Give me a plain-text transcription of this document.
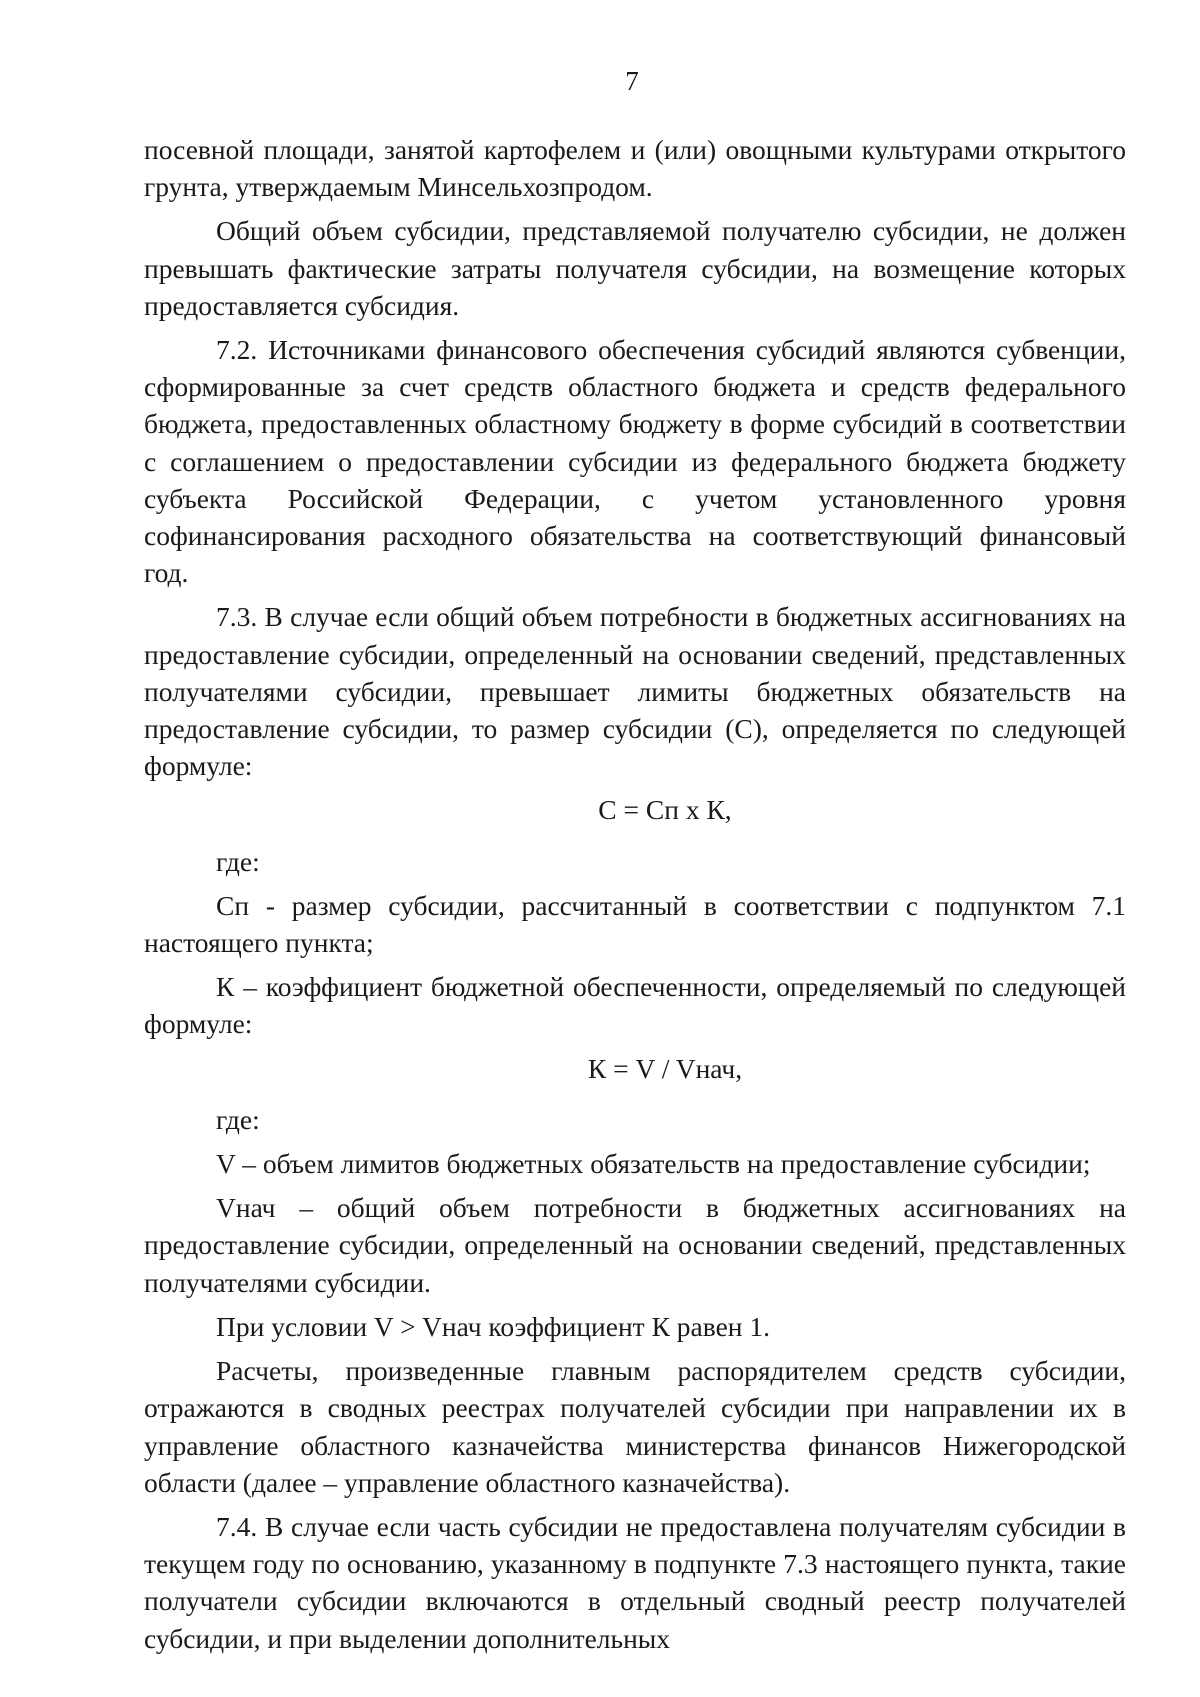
7

посевной площади, занятой картофелем и (или) овощными культурами открытого грунта, утверждаемым Минсельхозпродом.

Общий объем субсидии, представляемой получателю субсидии, не должен превышать фактические затраты получателя субсидии, на возмещение которых предоставляется субсидия.

7.2. Источниками финансового обеспечения субсидий являются субвенции, сформированные за счет средств областного бюджета и средств федерального бюджета, предоставленных областному бюджету в форме субсидий в соответствии с соглашением о предоставлении субсидии из федерального бюджета бюджету субъекта Российской Федерации, с учетом установленного уровня софинансирования расходного обязательства на соответствующий финансовый год.

7.3. В случае если общий объем потребности в бюджетных ассигнованиях на предоставление субсидии, определенный на основании сведений, представленных получателями субсидии, превышает лимиты бюджетных обязательств на предоставление субсидии, то размер субсидии (С), определяется по следующей формуле:

С = Сп х К,

где:

Сп - размер субсидии, рассчитанный в соответствии с подпунктом 7.1 настоящего пункта;

К – коэффициент бюджетной обеспеченности, определяемый по следующей формуле:

К = V / Vнач,

где:

V – объем лимитов бюджетных обязательств на предоставление субсидии;

Vнач – общий объем потребности в бюджетных ассигнованиях на предоставление субсидии, определенный на основании сведений, представленных получателями субсидии.

При условии V > Vнач коэффициент К равен 1.

Расчеты, произведенные главным распорядителем средств субсидии, отражаются в сводных реестрах получателей субсидии при направлении их в управление областного казначейства министерства финансов Нижегородской области (далее – управление областного казначейства).

7.4. В случае если часть субсидии не предоставлена получателям субсидии в текущем году по основанию, указанному в подпункте 7.3 настоящего пункта, такие получатели субсидии включаются в отдельный сводный реестр получателей субсидии, и при выделении дополнительных
